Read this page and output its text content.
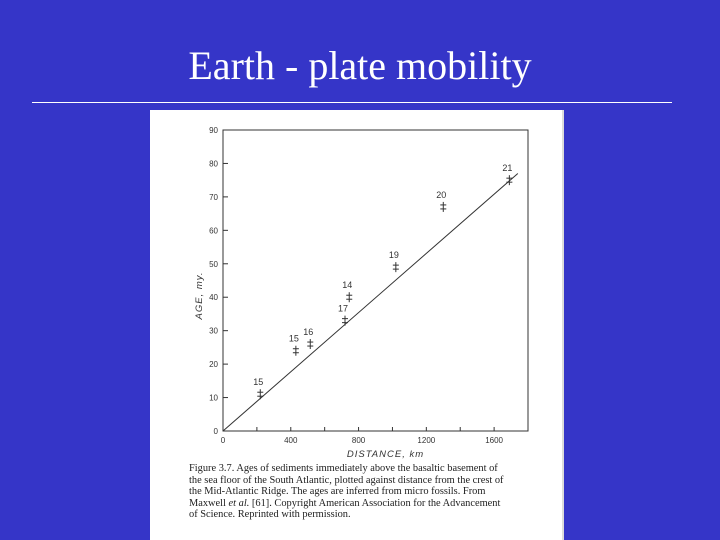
Earth - plate mobility
0
10
20
30
40
50
60
70
80
90
0	400	800	1200	1600
DISTANCE, km
AGE, my.
15
15
16
17
14
19
20
21
Figure 3.7. Ages of sediments immediately above the basaltic basement of
the sea floor of the South Atlantic, plotted against distance from the crest of
the Mid-Atlantic Ridge. The ages are inferred from micro fossils. From
Maxwell et al. [61]. Copyright American Association for the Advancement
of Science. Reprinted with permission.
